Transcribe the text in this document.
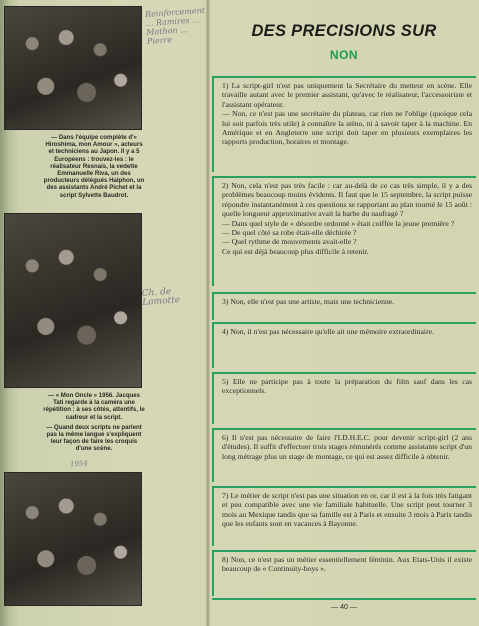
Reinforcement ... Ramires ... Mathon ... Pierre
— Dans l'équipe complète d'« Hiroshima, mon Amour », acteurs et techniciens au Japon. Il y a 5 Européens : trouvez-les : le réalisateur Resnais, la vedette Emmanuelle Riva, un des producteurs délégués Halphon, un des assistants André Pichet et la script Sylvette Baudrot.
Ch. de Lamotte
— « Mon Oncle » 1956. Jacques Tati regarde à la caméra une répétition : à ses côtés, attentifs, le cadreur et la script.
— Quand deux scripts ne parlent pas la même langue s'expliquent leur façon de faire les croquis d'une scène.
1954
DES PRECISIONS SUR
NON

1) La script-girl n'est pas uniquement la Secrétaire du metteur en scène. Elle travaille autant avec le premier assistant, qu'avec le réalisateur, l'accessoiriste et l'assistant opérateur.

— Non, ce n'est pas une secrétaire du plateau, car rien ne l'oblige (quoique cela lui soit parfois très utile) à connaître la sténo, ni à savoir taper à la machine. En Amérique et en Angleterre une script doit taper en plusieurs exemplaires les rapports production, horaires et montage.

2) Non, cela n'est pas très facile : car au-delà de ce cas très simple, il y a des problèmes beaucoup moins évidents. Il faut que le 15 septembre, la script puisse répondre instantanément à ces questions se rapportant au plan tourné le 15 août : quelle longueur approximative avait la barbe du naufragé ?

— Dans quel style de « désordre ordonné » était coiffée la jeune première ?

— De quel côté sa robe était-elle déchirée ?

— Quel rythme de mouvements avait-elle ?

Ce qui est déjà beaucoup plus difficile à retenir.

3) Non, elle n'est pas une artiste, mais une technicienne.

4) Non, il n'est pas nécessaire qu'elle ait une mémoire extraordinaire.

5) Elle ne participe pas à toute la préparation du film sauf dans les cas exceptionnels.

6) Il n'est pas nécessaire de faire l'I.D.H.E.C. pour devenir script-girl (2 ans d'études). Il suffit d'effectuer trois stages rémunérés comme assistante script d'un long métrage plus un stage de montage, ce qui est assez difficile à obtenir.

7) Le métier de script n'est pas une situation en or, car il est à la fois très fatigant et peu compatible avec une vie familiale habituelle. Une script peut tourner 3 mois au Mexique tandis que sa famille est à Paris et ensuite 3 mois à Paris tandis que les enfants sont en vacances à Bayonne.

8) Non, ce n'est pas un métier essentiellement féminin. Aux Etats-Unis il existe beaucoup de « Continuity-boys ».

— 40 —
